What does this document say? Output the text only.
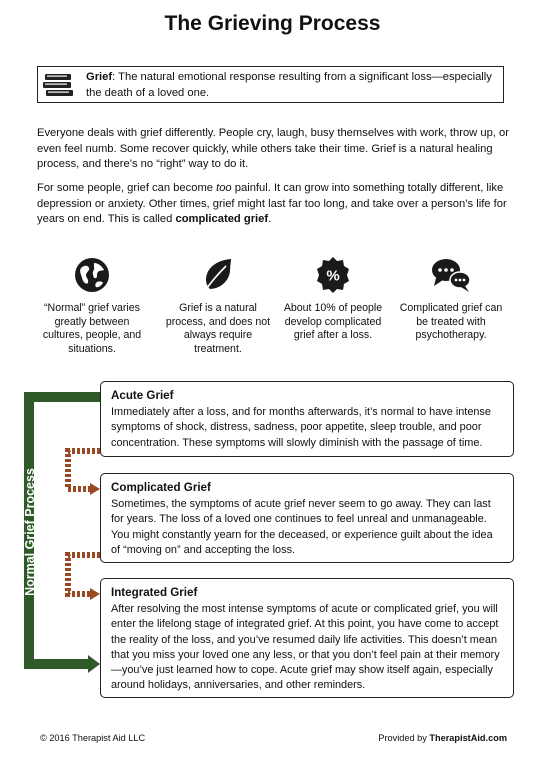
The Grieving Process
Grief: The natural emotional response resulting from a significant loss—especially the death of a loved one.
Everyone deals with grief differently. People cry, laugh, busy themselves with work, throw up, or even feel numb. Some recover quickly, while others take their time. Grief is a natural healing process, and there’s no “right” way to do it.
For some people, grief can become too painful. It can grow into something totally different, like depression or anxiety. Other times, grief might last far too long, and take over a person’s life for years on end. This is called complicated grief.
“Normal” grief varies greatly between cultures, people, and situations.
Grief is a natural process, and does not always require treatment.
%
About 10% of people develop complicated grief after a loss.
Complicated grief can be treated with psychotherapy.
Normal Grief Process
Acute Grief
Immediately after a loss, and for months afterwards, it’s normal to have intense symptoms of shock, distress, sadness, poor appetite, sleep trouble, and poor concentration. These symptoms will slowly diminish with the passage of time.
Complicated Grief
Sometimes, the symptoms of acute grief never seem to go away. They can last for years. The loss of a loved one continues to feel unreal and unmanageable. You might constantly yearn for the deceased, or experience guilt about the idea of “moving on” and accepting the loss.
Integrated Grief
After resolving the most intense symptoms of acute or complicated grief, you will enter the lifelong stage of integrated grief. At this point, you have come to accept the reality of the loss, and you’ve resumed daily life activities. This doesn’t mean that you miss your loved one any less, or that you don’t feel pain at their memory—you’ve just learned how to cope. Acute grief may show itself again, especially around holidays, anniversaries, and other reminders.
© 2016 Therapist Aid LLC	Provided by TherapistAid.com
